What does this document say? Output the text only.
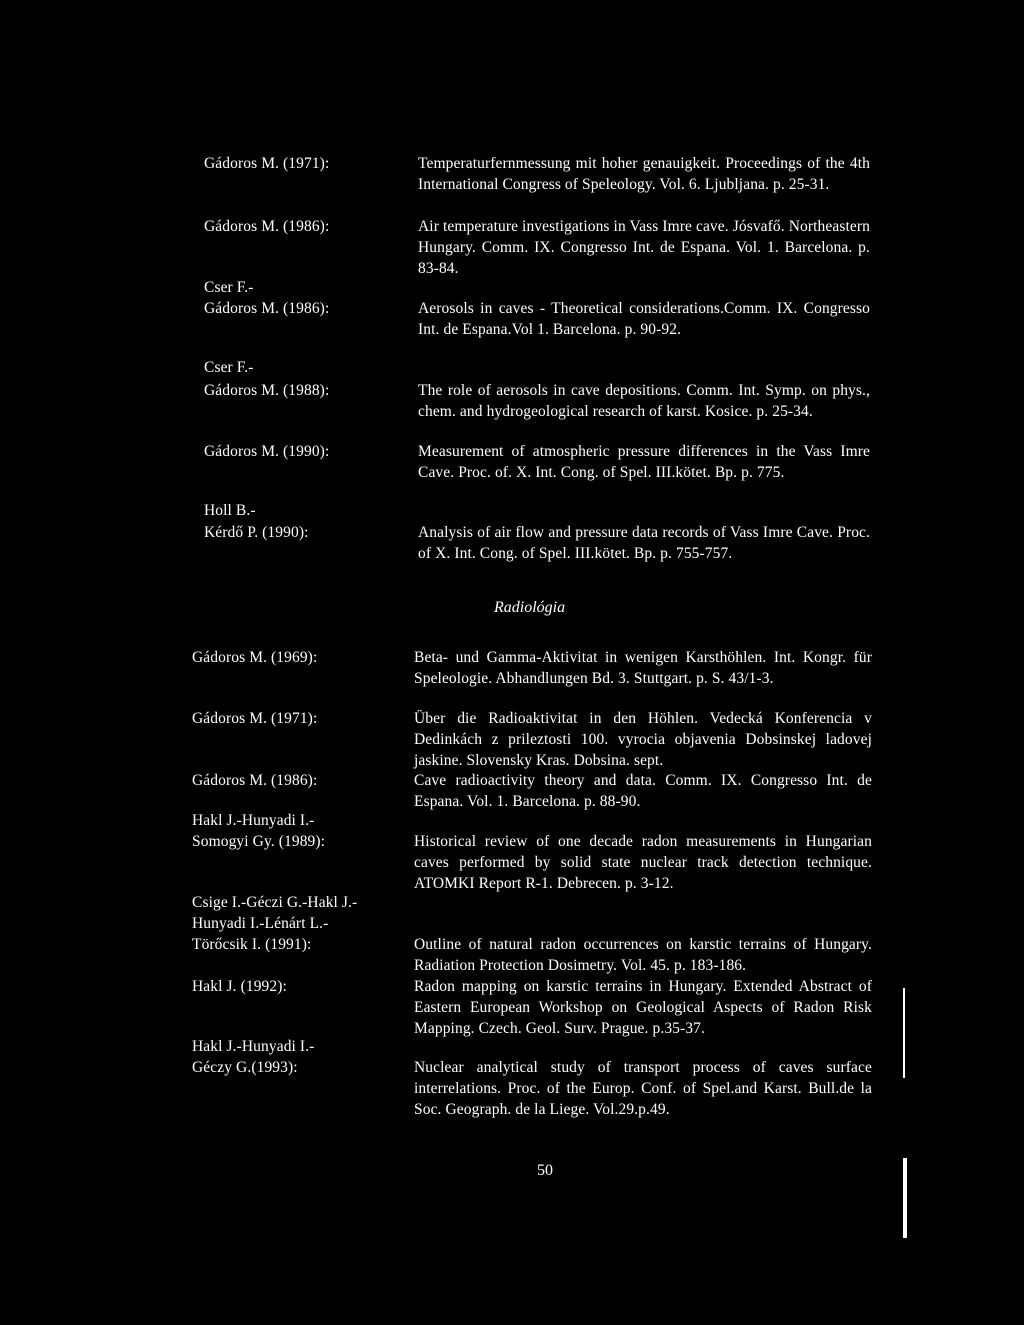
Gádoros M. (1971):	Temperaturfernmessung mit hoher genauigkeit. Proceedings of the 4th International Congress of Speleology. Vol. 6. Ljubljana. p. 25-31.
Gádoros M. (1986):	Air temperature investigations in Vass Imre cave. Jósvafő. Northeastern Hungary. Comm. IX. Congresso Int. de Espana. Vol. 1. Barcelona. p. 83-84.
Cser F.-
Gádoros M. (1986):	Aerosols in caves - Theoretical considerations.Comm. IX. Congresso Int. de Espana.Vol 1. Barcelona. p. 90-92.
Cser F.-
Gádoros M. (1988):	The role of aerosols in cave depositions. Comm. Int. Symp. on phys., chem. and hydrogeological research of karst. Kosice. p. 25-34.
Gádoros M. (1990):	Measurement of atmospheric pressure differences in the Vass Imre Cave. Proc. of. X. Int. Cong. of Spel. III.kötet. Bp. p. 775.
Holl B.-
Kérdő P. (1990):	Analysis of air flow and pressure data records of Vass Imre Cave. Proc. of X. Int. Cong. of Spel. III.kötet. Bp. p. 755-757.
Radiológia
Gádoros M. (1969):	Beta- und Gamma-Aktivitat in wenigen Karsthöhlen. Int. Kongr. für Speleologie. Abhandlungen Bd. 3. Stuttgart. p. S. 43/1-3.
Gádoros M. (1971):	Über die Radioaktivitat in den Höhlen. Vedecká Konferencia v Dedinkách z prileztosti 100. vyrocia objavenia Dobsinskej ladovej jaskine. Slovensky Kras. Dobsina. sept.
Gádoros M. (1986):	Cave radioactivity theory and data. Comm. IX. Congresso Int. de Espana. Vol. 1. Barcelona. p. 88-90.
Hakl J.-Hunyadi I.-
Somogyi Gy. (1989):	Historical review of one decade radon measurements in Hungarian caves performed by solid state nuclear track detection technique. ATOMKI Report R-1. Debrecen. p. 3-12.
Csige I.-Géczi G.-Hakl J.-
Hunyadi I.-Lénárt L.-
Törőcsik I. (1991):	Outline of natural radon occurrences on karstic terrains of Hungary. Radiation Protection Dosimetry. Vol. 45. p. 183-186.
Hakl J. (1992):	Radon mapping on karstic terrains in Hungary. Extended Abstract of Eastern European Workshop on Geological Aspects of Radon Risk Mapping. Czech. Geol. Surv. Prague. p.35-37.
Hakl J.-Hunyadi I.-
Géczy G.(1993):	Nuclear analytical study of transport process of caves surface interrelations. Proc. of the Europ. Conf. of Spel.and Karst. Bull.de la Soc. Geograph. de la Liege. Vol.29.p.49.
50
